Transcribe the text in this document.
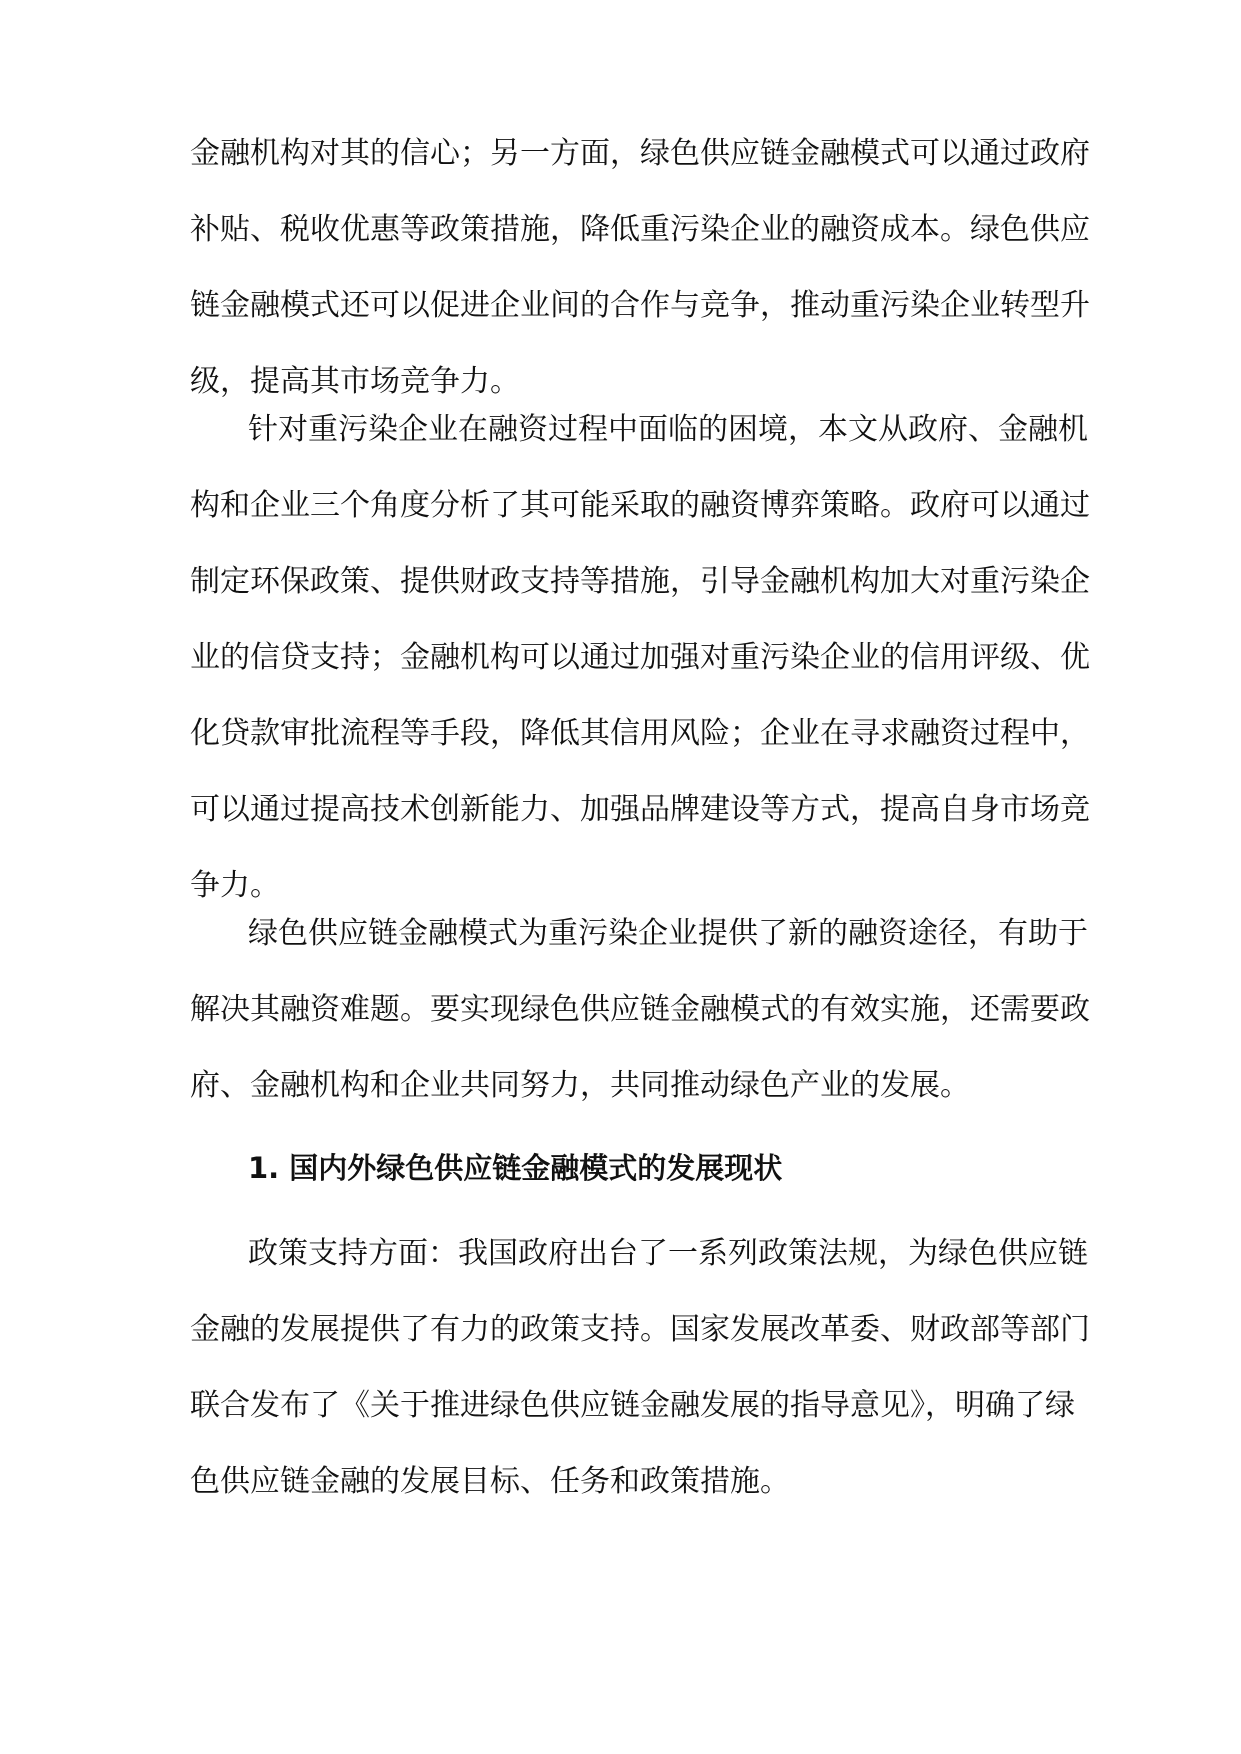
金融机构对其的信心；另一方面，绿色供应链金融模式可以通过政府
补贴、税收优惠等政策措施，降低重污染企业的融资成本。绿色供应
链金融模式还可以促进企业间的合作与竞争，推动重污染企业转型升
级，提高其市场竞争力。
针对重污染企业在融资过程中面临的困境，本文从政府、金融机
构和企业三个角度分析了其可能采取的融资博弈策略。政府可以通过
制定环保政策、提供财政支持等措施，引导金融机构加大对重污染企
业的信贷支持；金融机构可以通过加强对重污染企业的信用评级、优
化贷款审批流程等手段，降低其信用风险；企业在寻求融资过程中，
可以通过提高技术创新能力、加强品牌建设等方式，提高自身市场竞
争力。
绿色供应链金融模式为重污染企业提供了新的融资途径，有助于
解决其融资难题。要实现绿色供应链金融模式的有效实施，还需要政
府、金融机构和企业共同努力，共同推动绿色产业的发展。
1. 国内外绿色供应链金融模式的发展现状
政策支持方面：我国政府出台了一系列政策法规，为绿色供应链
金融的发展提供了有力的政策支持。国家发展改革委、财政部等部门
联合发布了《关于推进绿色供应链金融发展的指导意见》，明确了绿
色供应链金融的发展目标、任务和政策措施。
